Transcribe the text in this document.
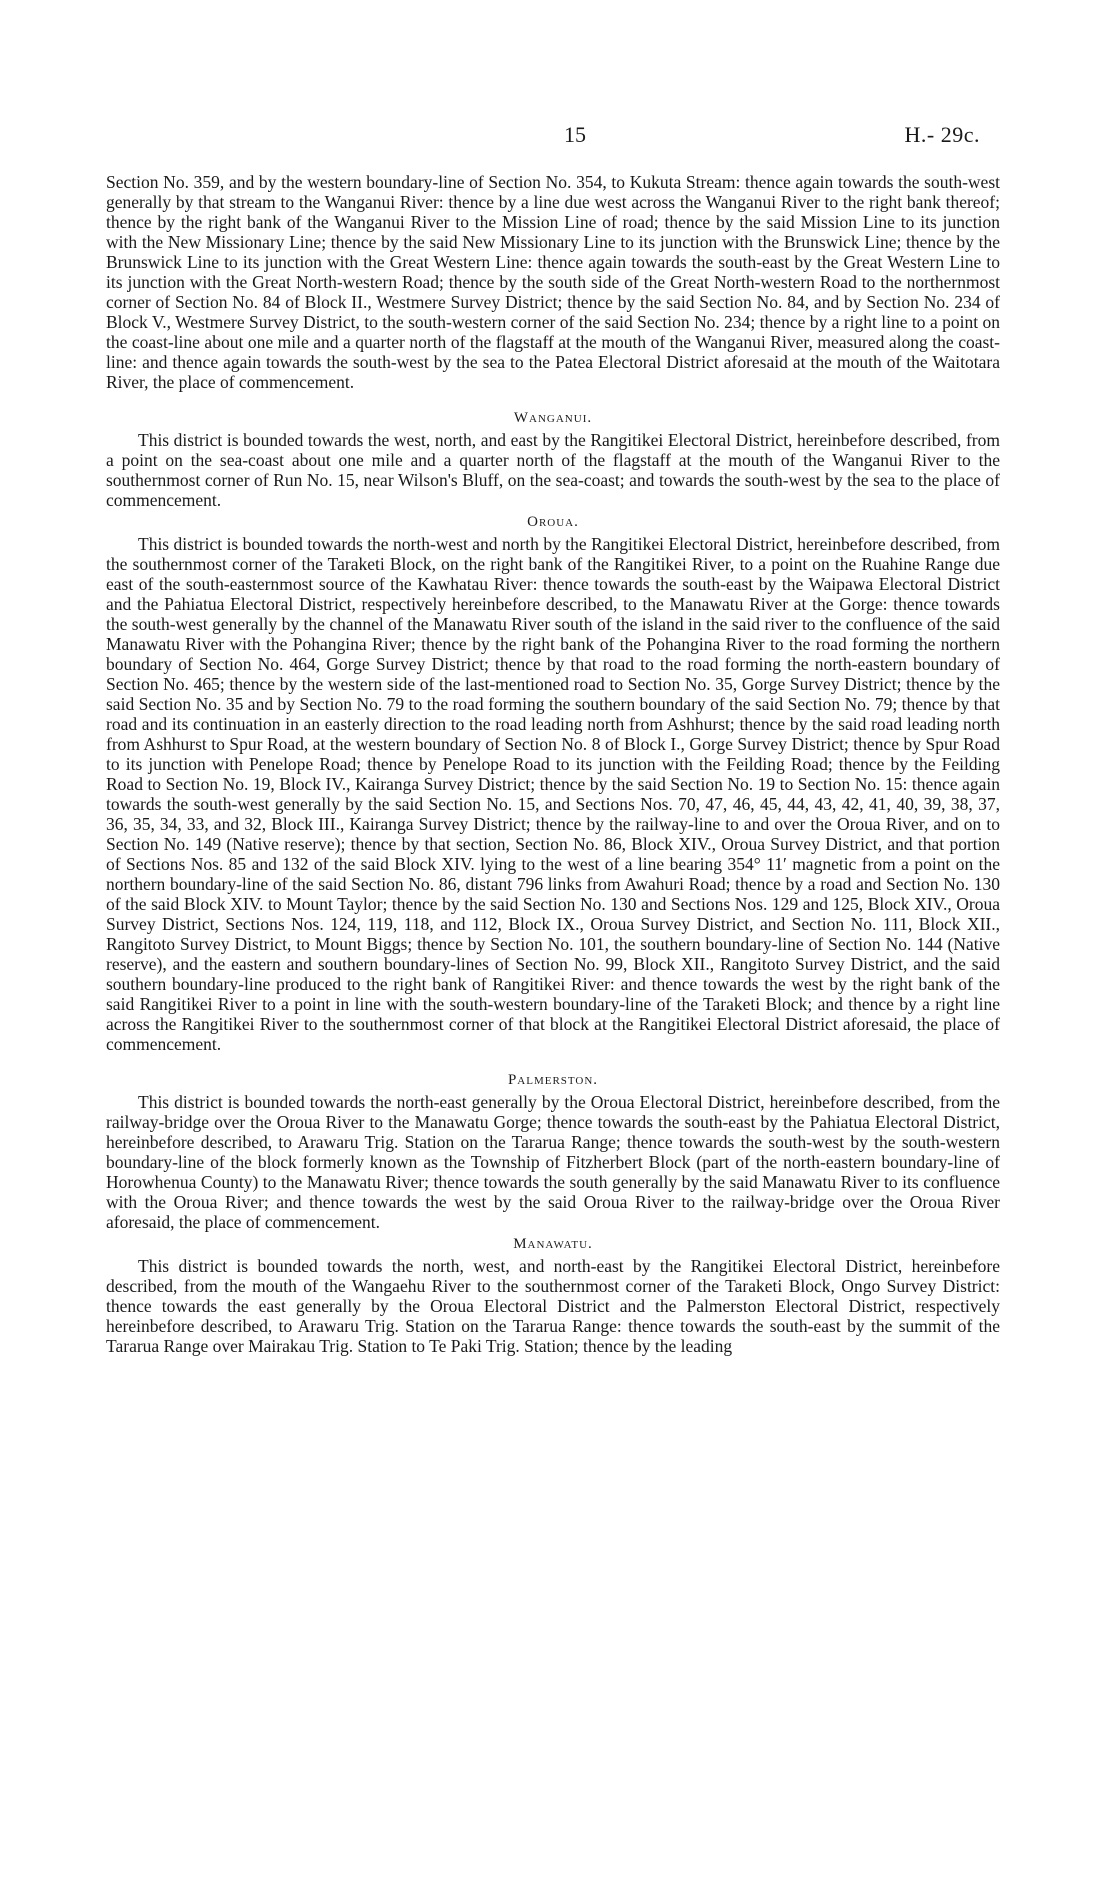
15	H.- 29c.

Section No. 359, and by the western boundary-line of Section No. 354, to Kukuta Stream: thence again towards the south-west generally by that stream to the Wanganui River: thence by a line due west across the Wanganui River to the right bank thereof; thence by the right bank of the Wanganui River to the Mission Line of road; thence by the said Mission Line to its junction with the New Missionary Line; thence by the said New Missionary Line to its junction with the Brunswick Line; thence by the Brunswick Line to its junction with the Great Western Line: thence again towards the south-east by the Great Western Line to its junction with the Great North-western Road; thence by the south side of the Great North-western Road to the northernmost corner of Section No. 84 of Block II., Westmere Survey District; thence by the said Section No. 84, and by Section No. 234 of Block V., Westmere Survey District, to the south-western corner of the said Section No. 234; thence by a right line to a point on the coast-line about one mile and a quarter north of the flagstaff at the mouth of the Wanganui River, measured along the coast-line: and thence again towards the south-west by the sea to the Patea Electoral District aforesaid at the mouth of the Waitotara River, the place of commencement.

Wanganui.

This district is bounded towards the west, north, and east by the Rangitikei Electoral District, hereinbefore described, from a point on the sea-coast about one mile and a quarter north of the flagstaff at the mouth of the Wanganui River to the southernmost corner of Run No. 15, near Wilson's Bluff, on the sea-coast; and towards the south-west by the sea to the place of commencement.

Oroua.

This district is bounded towards the north-west and north by the Rangitikei Electoral District, hereinbefore described, from the southernmost corner of the Taraketi Block, on the right bank of the Rangitikei River, to a point on the Ruahine Range due east of the south-easternmost source of the Kawhatau River: thence towards the south-east by the Waipawa Electoral District and the Pahiatua Electoral District, respectively hereinbefore described, to the Manawatu River at the Gorge: thence towards the south-west generally by the channel of the Manawatu River south of the island in the said river to the confluence of the said Manawatu River with the Pohangina River; thence by the right bank of the Pohangina River to the road forming the northern boundary of Section No. 464, Gorge Survey District; thence by that road to the road forming the north-eastern boundary of Section No. 465; thence by the western side of the last-mentioned road to Section No. 35, Gorge Survey District; thence by the said Section No. 35 and by Section No. 79 to the road forming the southern boundary of the said Section No. 79; thence by that road and its continuation in an easterly direction to the road leading north from Ashhurst; thence by the said road leading north from Ashhurst to Spur Road, at the western boundary of Section No. 8 of Block I., Gorge Survey District; thence by Spur Road to its junction with Penelope Road; thence by Penelope Road to its junction with the Feilding Road; thence by the Feilding Road to Section No. 19, Block IV., Kairanga Survey District; thence by the said Section No. 19 to Section No. 15: thence again towards the south-west generally by the said Section No. 15, and Sections Nos. 70, 47, 46, 45, 44, 43, 42, 41, 40, 39, 38, 37, 36, 35, 34, 33, and 32, Block III., Kairanga Survey District; thence by the railway-line to and over the Oroua River, and on to Section No. 149 (Native reserve); thence by that section, Section No. 86, Block XIV., Oroua Survey District, and that portion of Sections Nos. 85 and 132 of the said Block XIV. lying to the west of a line bearing 354° 11′ magnetic from a point on the northern boundary-line of the said Section No. 86, distant 796 links from Awahuri Road; thence by a road and Section No. 130 of the said Block XIV. to Mount Taylor; thence by the said Section No. 130 and Sections Nos. 129 and 125, Block XIV., Oroua Survey District, Sections Nos. 124, 119, 118, and 112, Block IX., Oroua Survey District, and Section No. 111, Block XII., Rangitoto Survey District, to Mount Biggs; thence by Section No. 101, the southern boundary-line of Section No. 144 (Native reserve), and the eastern and southern boundary-lines of Section No. 99, Block XII., Rangitoto Survey District, and the said southern boundary-line produced to the right bank of Rangitikei River: and thence towards the west by the right bank of the said Rangitikei River to a point in line with the south-western boundary-line of the Taraketi Block; and thence by a right line across the Rangitikei River to the southernmost corner of that block at the Rangitikei Electoral District aforesaid, the place of commencement.

Palmerston.

This district is bounded towards the north-east generally by the Oroua Electoral District, hereinbefore described, from the railway-bridge over the Oroua River to the Manawatu Gorge; thence towards the south-east by the Pahiatua Electoral District, hereinbefore described, to Arawaru Trig. Station on the Tararua Range; thence towards the south-west by the south-western boundary-line of the block formerly known as the Township of Fitzherbert Block (part of the north-eastern boundary-line of Horowhenua County) to the Manawatu River; thence towards the south generally by the said Manawatu River to its confluence with the Oroua River; and thence towards the west by the said Oroua River to the railway-bridge over the Oroua River aforesaid, the place of commencement.

Manawatu.

This district is bounded towards the north, west, and north-east by the Rangitikei Electoral District, hereinbefore described, from the mouth of the Wangaehu River to the southernmost corner of the Taraketi Block, Ongo Survey District: thence towards the east generally by the Oroua Electoral District and the Palmerston Electoral District, respectively hereinbefore described, to Arawaru Trig. Station on the Tararua Range: thence towards the south-east by the summit of the Tararua Range over Mairakau Trig. Station to Te Paki Trig. Station; thence by the leading
